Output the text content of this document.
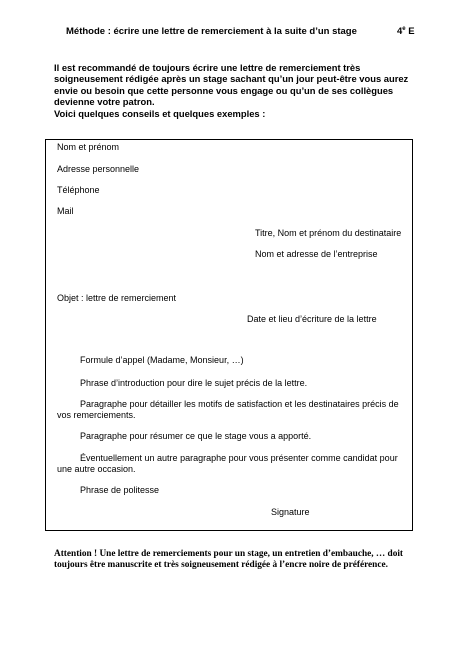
Méthode : écrire une lettre de remerciement à la suite d’un stage	4e E

Il est recommandé de toujours écrire une lettre de remerciement très soigneusement rédigée après un stage sachant qu’un jour peut-être vous aurez envie ou besoin que cette personne vous engage ou qu’un de ses collègues devienne votre patron.

Voici quelques conseils et quelques exemples :

Nom et prénom
Adresse personnelle
Téléphone
Mail
Titre, Nom et prénom du destinataire
Nom et adresse de l’entreprise
Objet : lettre de remerciement
Date et lieu d’écriture de la lettre
Formule d’appel (Madame, Monsieur, …)
Phrase d’introduction pour dire le sujet précis de la lettre.
Paragraphe pour détailler les motifs de satisfaction et les destinataires précis de vos remerciements.
Paragraphe pour résumer ce que le stage vous a apporté.
Éventuellement un autre paragraphe pour vous présenter comme candidat pour une autre occasion.
Phrase de politesse
Signature

Attention ! Une lettre de remerciements pour un stage, un entretien d’embauche, … doit toujours être manuscrite et très soigneusement rédigée à l’encre noire de préférence.
